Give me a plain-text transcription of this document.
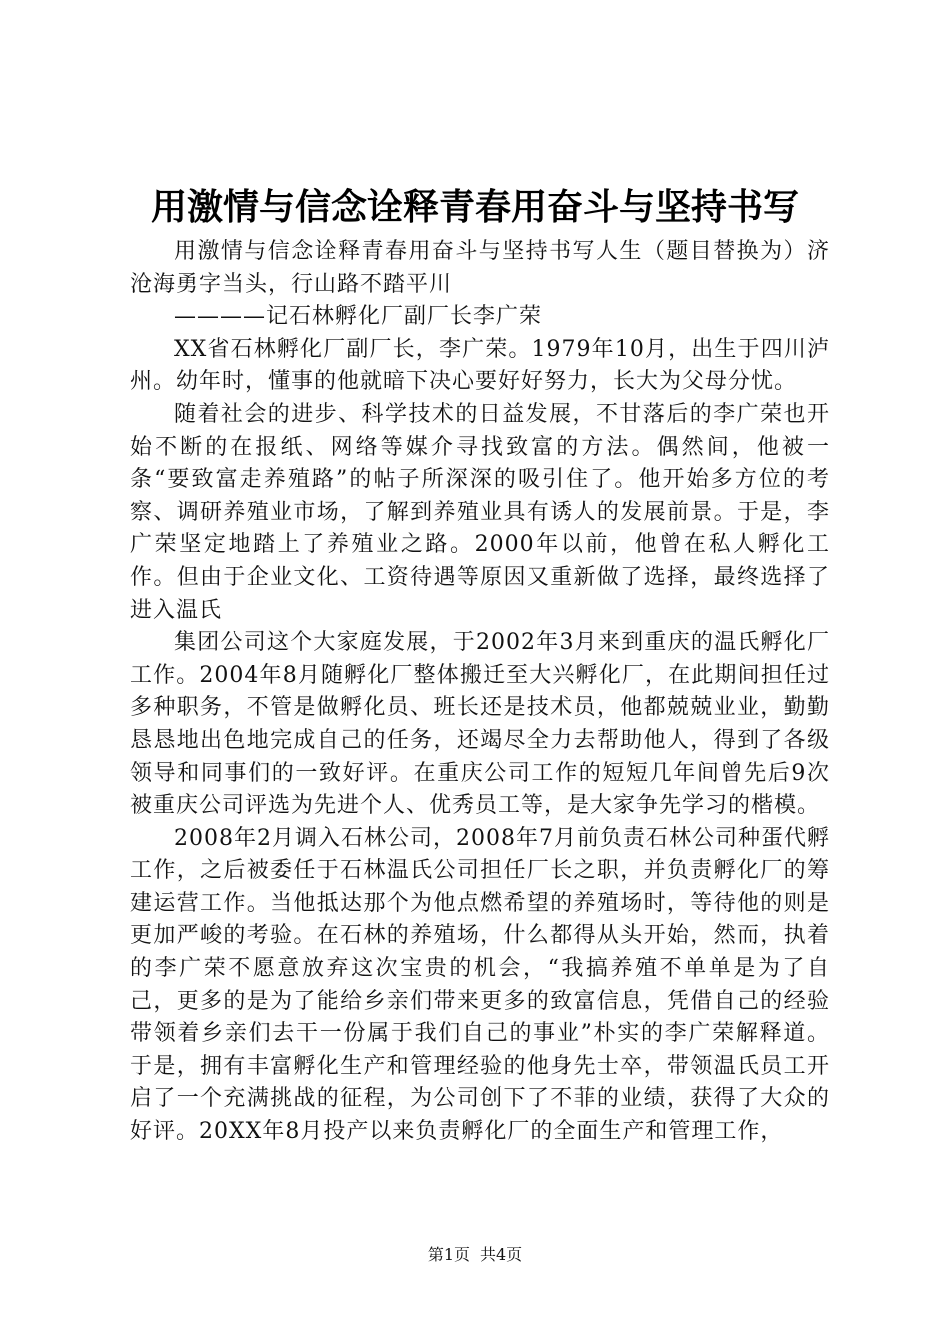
用激情与信念诠释青春用奋斗与坚持书写

用激情与信念诠释青春用奋斗与坚持书写人生（题目替换为）济沧海勇字当头，行山路不踏平川

————记石林孵化厂副厂长李广荣

XX省石林孵化厂副厂长，李广荣。1979年10月，出生于四川泸州。幼年时，懂事的他就暗下决心要好好努力，长大为父母分忧。

随着社会的进步、科学技术的日益发展，不甘落后的李广荣也开始不断的在报纸、网络等媒介寻找致富的方法。偶然间，他被一条“要致富走养殖路”的帖子所深深的吸引住了。他开始多方位的考察、调研养殖业市场，了解到养殖业具有诱人的发展前景。于是，李广荣坚定地踏上了养殖业之路。2000年以前，他曾在私人孵化工作。但由于企业文化、工资待遇等原因又重新做了选择，最终选择了进入温氏

集团公司这个大家庭发展，于2002年3月来到重庆的温氏孵化厂工作。2004年8月随孵化厂整体搬迁至大兴孵化厂，在此期间担任过多种职务，不管是做孵化员、班长还是技术员，他都兢兢业业，勤勤恳恳地出色地完成自己的任务，还竭尽全力去帮助他人，得到了各级领导和同事们的一致好评。在重庆公司工作的短短几年间曾先后9次被重庆公司评选为先进个人、优秀员工等，是大家争先学习的楷模。

2008年2月调入石林公司，2008年7月前负责石林公司种蛋代孵工作，之后被委任于石林温氏公司担任厂长之职，并负责孵化厂的筹建运营工作。当他抵达那个为他点燃希望的养殖场时，等待他的则是更加严峻的考验。在石林的养殖场，什么都得从头开始，然而，执着的李广荣不愿意放弃这次宝贵的机会，“我搞养殖不单单是为了自己，更多的是为了能给乡亲们带来更多的致富信息，凭借自己的经验带领着乡亲们去干一份属于我们自己的事业”朴实的李广荣解释道。于是，拥有丰富孵化生产和管理经验的他身先士卒，带领温氏员工开启了一个充满挑战的征程，为公司创下了不菲的业绩，获得了大众的好评。20XX年8月投产以来负责孵化厂的全面生产和管理工作，

第1页 共4页
